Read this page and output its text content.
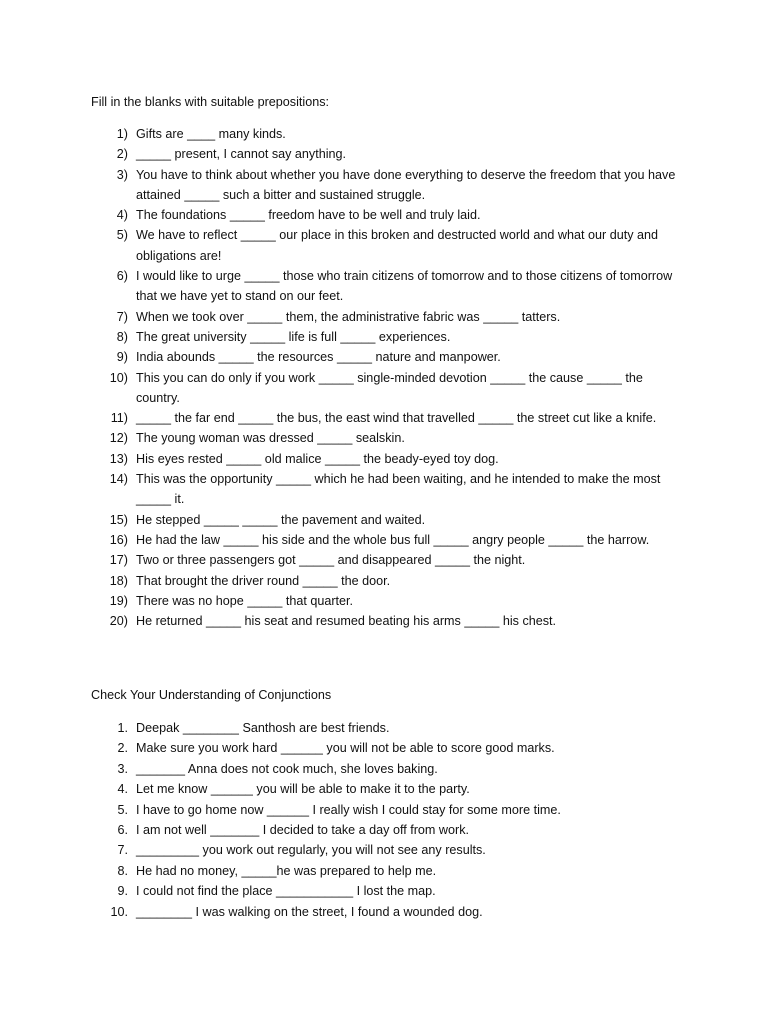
Fill in the blanks with suitable prepositions:
1) Gifts are ____ many kinds.
2) _____ present, I cannot say anything.
3) You have to think about whether you have done everything to deserve the freedom that you have attained _____ such a bitter and sustained struggle.
4) The foundations _____ freedom have to be well and truly laid.
5) We have to reflect _____ our place in this broken and destructed world and what our duty and obligations are!
6) I would like to urge _____ those who train citizens of tomorrow and to those citizens of tomorrow that we have yet to stand on our feet.
7) When we took over _____ them, the administrative fabric was _____ tatters.
8) The great university _____ life is full _____ experiences.
9) India abounds _____ the resources _____ nature and manpower.
10) This you can do only if you work _____ single-minded devotion _____ the cause _____ the country.
11) _____ the far end _____ the bus, the east wind that travelled _____ the street cut like a knife.
12) The young woman was dressed _____ sealskin.
13) His eyes rested _____ old malice _____ the beady-eyed toy dog.
14) This was the opportunity _____ which he had been waiting, and he intended to make the most _____ it.
15) He stepped _____ _____ the pavement and waited.
16) He had the law _____ his side and the whole bus full _____ angry people _____ the harrow.
17) Two or three passengers got _____ and disappeared _____ the night.
18) That brought the driver round _____ the door.
19) There was no hope _____ that quarter.
20) He returned _____ his seat and resumed beating his arms _____ his chest.
Check Your Understanding of Conjunctions
1. Deepak ________ Santhosh are best friends.
2. Make sure you work hard ______ you will not be able to score good marks.
3. _______ Anna does not cook much, she loves baking.
4. Let me know ______ you will be able to make it to the party.
5. I have to go home now ______ I really wish I could stay for some more time.
6. I am not well _______ I decided to take a day off from work.
7. _________ you work out regularly, you will not see any results.
8. He had no money, _____he was prepared to help me.
9. I could not find the place ___________ I lost the map.
10. ________ I was walking on the street, I found a wounded dog.
